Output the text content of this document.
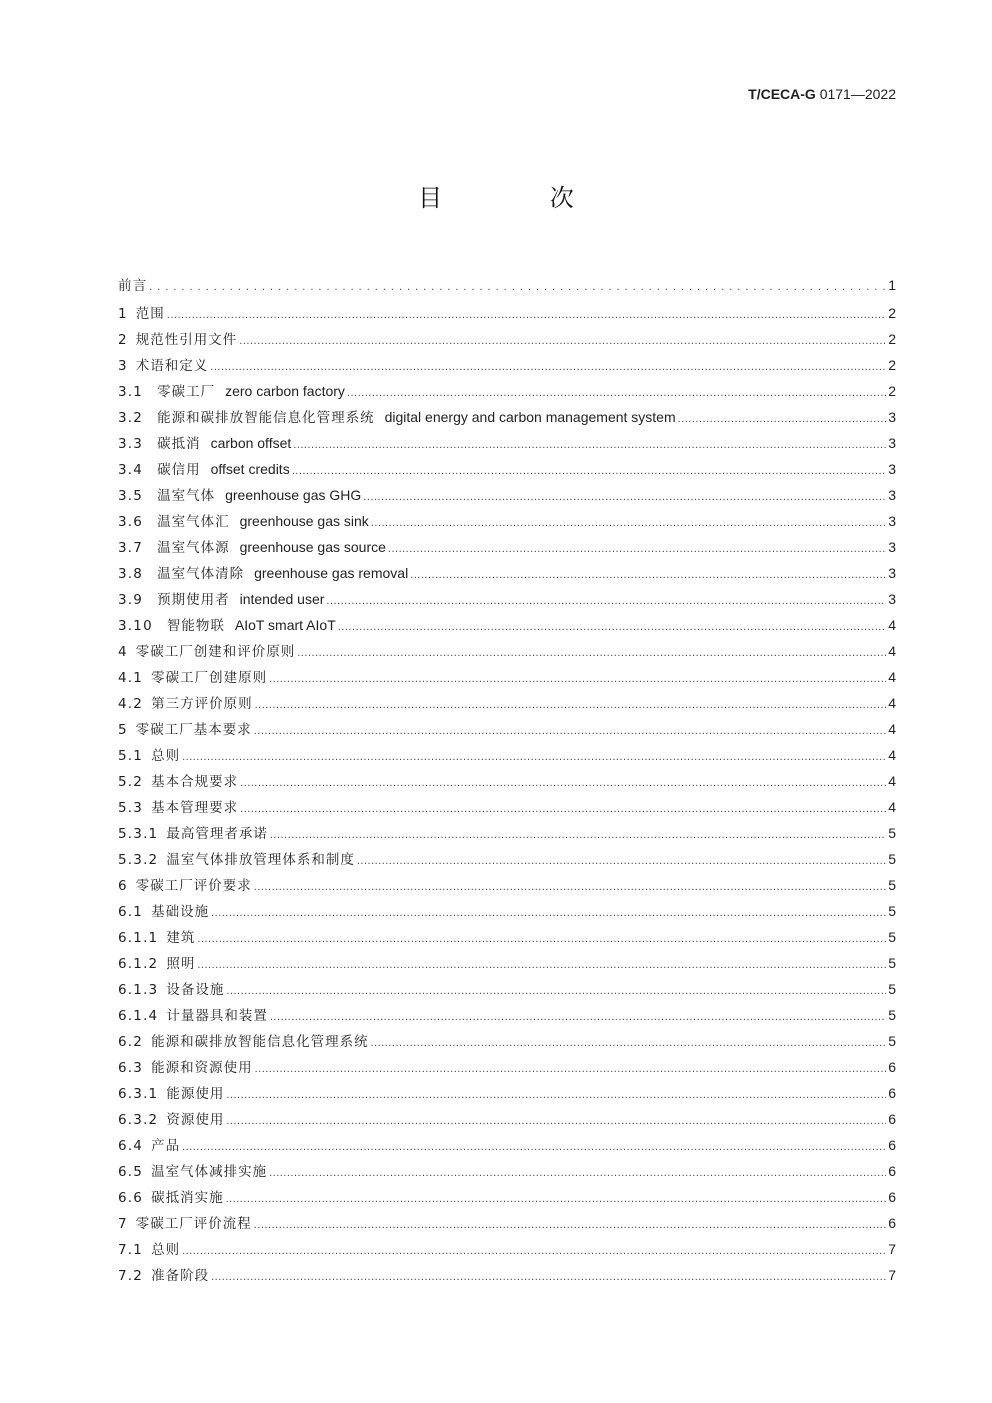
T/CECA-G 0171—2022
目 次
前言 .....	1
1 范围 .....	2
2 规范性引用文件 .....	2
3 术语和定义 .....	2
3.1 零碳工厂 zero carbon factory .....	2
3.2 能源和碳排放智能信息化管理系统 digital energy and carbon management system .....	3
3.3 碳抵消 carbon offset .....	3
3.4 碳信用 offset credits .....	3
3.5 温室气体 greenhouse gas GHG .....	3
3.6 温室气体汇 greenhouse gas sink .....	3
3.7 温室气体源 greenhouse gas source .....	3
3.8 温室气体清除 greenhouse gas removal .....	3
3.9 预期使用者 intended user .....	3
3.10 智能物联 AIoT smart AIoT .....	4
4 零碳工厂创建和评价原则 .....	4
4.1 零碳工厂创建原则 .....	4
4.2 第三方评价原则 .....	4
5 零碳工厂基本要求 .....	4
5.1 总则 .....	4
5.2 基本合规要求 .....	4
5.3 基本管理要求 .....	4
5.3.1 最高管理者承诺 .....	5
5.3.2 温室气体排放管理体系和制度 .....	5
6 零碳工厂评价要求 .....	5
6.1 基础设施 .....	5
6.1.1 建筑 .....	5
6.1.2 照明 .....	5
6.1.3 设备设施 .....	5
6.1.4 计量器具和装置 .....	5
6.2 能源和碳排放智能信息化管理系统 .....	5
6.3 能源和资源使用 .....	6
6.3.1 能源使用 .....	6
6.3.2 资源使用 .....	6
6.4 产品 .....	6
6.5 温室气体减排实施 .....	6
6.6 碳抵消实施 .....	6
7 零碳工厂评价流程 .....	6
7.1 总则 .....	7
7.2 准备阶段 .....	7
